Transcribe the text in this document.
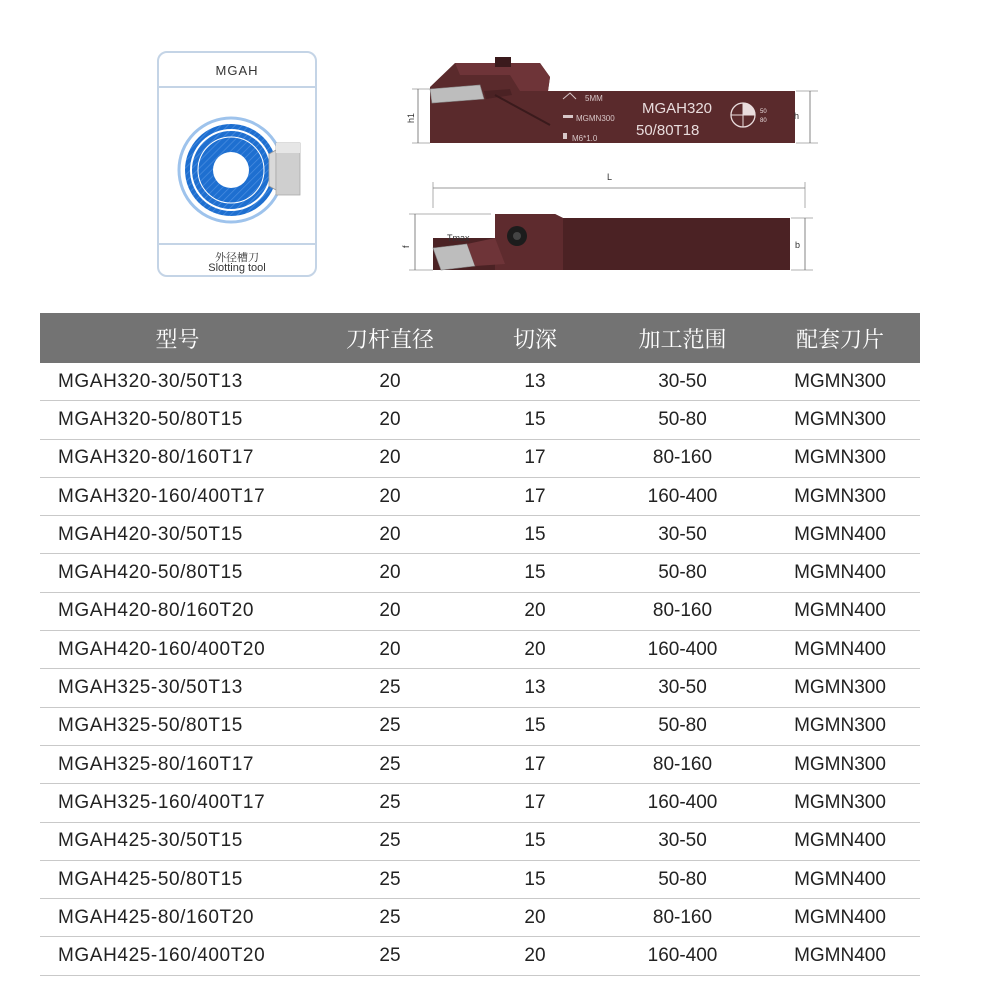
MGAH
外径槽刀
Slotting tool
5MM
MGMN300
M6*1.0
MGAH320
50/80T18
50
80
h1	h
L
Tmax
f	b
型号	刀杆直径	切深	加工范围	配套刀片
MGAH320-30/50T13	20	13	30-50	MGMN300
MGAH320-50/80T15	20	15	50-80	MGMN300
MGAH320-80/160T17	20	17	80-160	MGMN300
MGAH320-160/400T17	20	17	160-400	MGMN300
MGAH420-30/50T15	20	15	30-50	MGMN400
MGAH420-50/80T15	20	15	50-80	MGMN400
MGAH420-80/160T20	20	20	80-160	MGMN400
MGAH420-160/400T20	20	20	160-400	MGMN400
MGAH325-30/50T13	25	13	30-50	MGMN300
MGAH325-50/80T15	25	15	50-80	MGMN300
MGAH325-80/160T17	25	17	80-160	MGMN300
MGAH325-160/400T17	25	17	160-400	MGMN300
MGAH425-30/50T15	25	15	30-50	MGMN400
MGAH425-50/80T15	25	15	50-80	MGMN400
MGAH425-80/160T20	25	20	80-160	MGMN400
MGAH425-160/400T20	25	20	160-400	MGMN400
